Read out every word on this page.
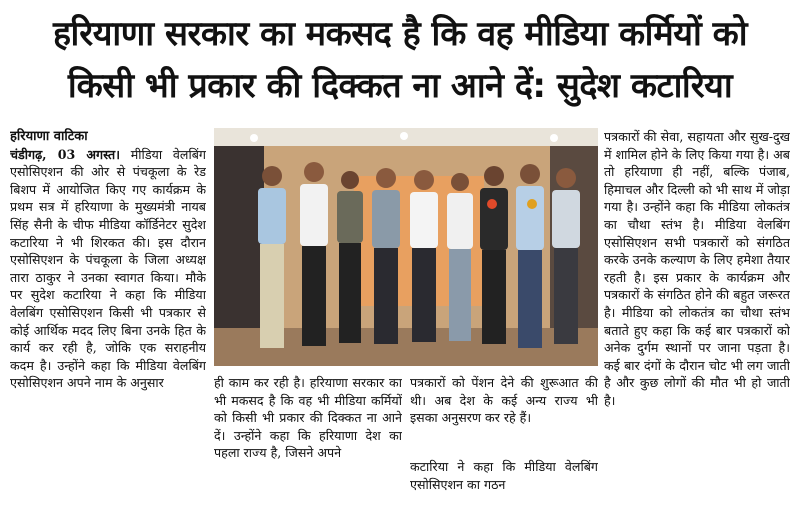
हरियाणा सरकार का मकसद है कि वह मीडिया कर्मियों को
किसी भी प्रकार की दिक्कत ना आने दें: सुदेश कटारिया
हरियाणा वाटिका

चंडीगढ़, 03 अगस्त। मीडिया वेलबिंग एसोसिएशन की ओर से पंचकूला के रेड बिशप में आयोजित किए गए कार्यक्रम के प्रथम सत्र में हरियाणा के मुख्यमंत्री नायब सिंह सैनी के चीफ मीडिया कॉर्डिनेटर सुदेश कटारिया ने भी शिरकत की। इस दौरान एसोसिएशन के पंचकूला के जिला अध्यक्ष तारा ठाकुर ने उनका स्वागत किया। मौके पर सुदेश कटारिया ने कहा कि मीडिया वेलबिंग एसोसिएशन किसी भी पत्रकार से कोई आर्थिक मदद लिए बिना उनके हित के कार्य कर रही है, जोकि एक सराहनीय कदम है। उन्होंने कहा कि मीडिया वेलबिंग एसोसिएशन अपने नाम के अनुसार	ही काम कर रही है। हरियाणा सरकार का भी मकसद है कि वह भी मीडिया कर्मियों को किसी भी प्रकार की दिक्कत ना आने दें। उन्होंने कहा कि हरियाणा देश का पहला राज्य है, जिसने अपने

पत्रकारों को पेंशन देने की शुरूआत की थी। अब देश के कई अन्य राज्य भी इसका अनुसरण कर रहे हैं।

कटारिया ने कहा कि मीडिया वेलबिंग एसोसिएशन का गठन

पत्रकारों की सेवा, सहायता और सुख-दुख में शामिल होने के लिए किया गया है। अब तो हरियाणा ही नहीं, बल्कि पंजाब, हिमाचल और दिल्ली को भी साथ में जोड़ा गया है। उन्होंने कहा कि मीडिया लोकतंत्र का चौथा स्तंभ है। मीडिया वेलबिंग एसोसिएशन सभी पत्रकारों को संगठित करके उनके कल्याण के लिए हमेशा तैयार रहती है। इस प्रकार के कार्यक्रम और पत्रकारों के संगठित होने की बहुत जरूरत है। मीडिया को लोकतंत्र का चौथा स्तंभ बताते हुए कहा कि कई बार पत्रकारों को अनेक दुर्गम स्थानों पर जाना पड़ता है। कई बार दंगों के दौरान चोट भी लग जाती है और कुछ लोगों की मौत भी हो जाती है।
